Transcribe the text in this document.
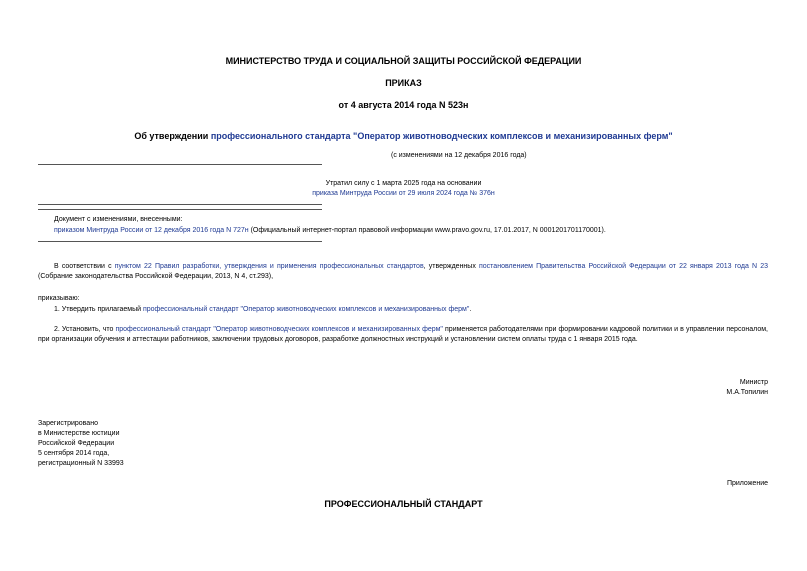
МИНИСТЕРСТВО ТРУДА И СОЦИАЛЬНОЙ ЗАЩИТЫ РОССИЙСКОЙ ФЕДЕРАЦИИ
ПРИКАЗ
от 4 августа 2014 года N 523н
Об утверждении профессионального стандарта "Оператор животноводческих комплексов и механизированных ферм"
(с изменениями на 12 декабря 2016 года)
Утратил силу с 1 марта 2025 года на основании
приказа Минтруда России от 29 июля 2024 года № 376н
Документ с изменениями, внесенными:
приказом Минтруда России от 12 декабря 2016 года N 727н (Официальный интернет-портал правовой информации www.pravo.gov.ru, 17.01.2017, N 0001201701170001).
В соответствии с пунктом 22 Правил разработки, утверждения и применения профессиональных стандартов, утвержденных постановлением Правительства Российской Федерации от 22 января 2013 года N 23 (Собрание законодательства Российской Федерации, 2013, N 4, ст.293),
приказываю:
1. Утвердить прилагаемый профессиональный стандарт "Оператор животноводческих комплексов и механизированных ферм".
2. Установить, что профессиональный стандарт "Оператор животноводческих комплексов и механизированных ферм" применяется работодателями при формировании кадровой политики и в управлении персоналом, при организации обучения и аттестации работников, заключении трудовых договоров, разработке должностных инструкций и установлении систем оплаты труда с 1 января 2015 года.
Министр
М.А.Топилин
Зарегистрировано
в Министерстве юстиции
Российской Федерации
5 сентября 2014 года,
регистрационный N 33993
Приложение
ПРОФЕССИОНАЛЬНЫЙ СТАНДАРТ
